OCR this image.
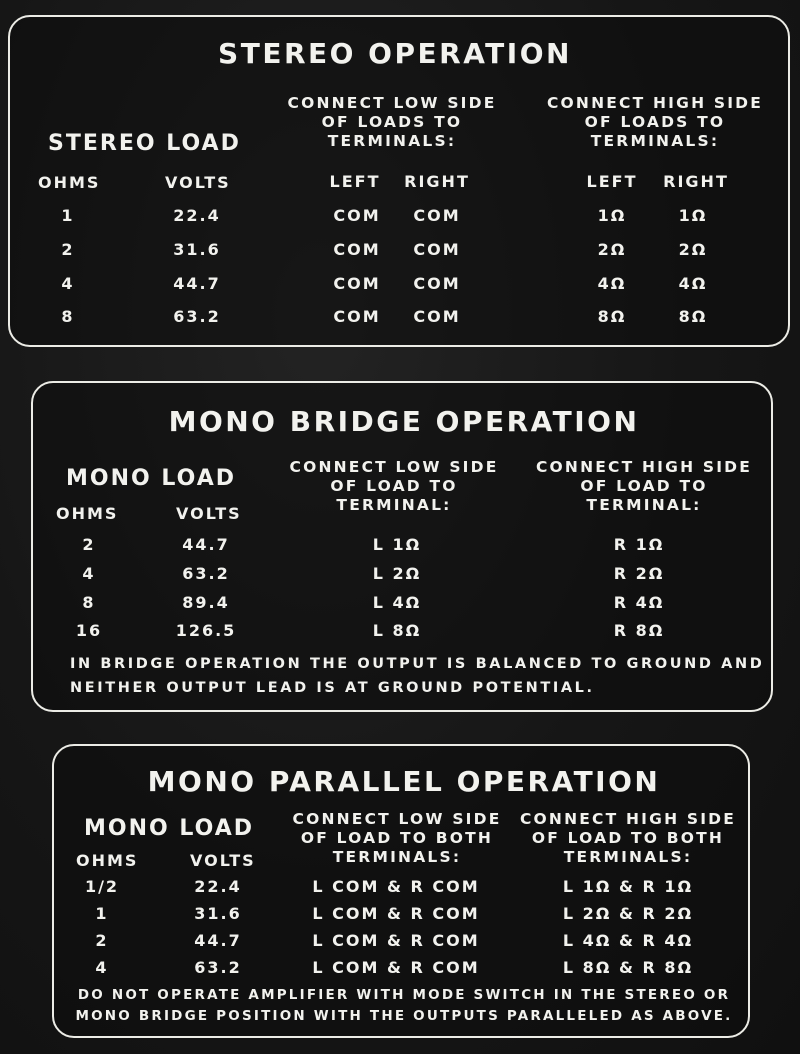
STEREO OPERATION
CONNECT LOW SIDE
OF LOADS TO
TERMINALS:
CONNECT HIGH SIDE
OF LOADS TO
TERMINALS:
STEREO LOAD
OHMS	VOLTS	LEFT RIGHT	LEFT RIGHT
1	22.4	COM COM	1Ω	1Ω
2	31.6	COM COM	2Ω	2Ω
4	44.7	COM COM	4Ω	4Ω
8	63.2	COM COM	8Ω	8Ω
MONO BRIDGE OPERATION
CONNECT LOW SIDE
OF LOAD TO
TERMINAL:
CONNECT HIGH SIDE
OF LOAD TO
TERMINAL:
MONO LOAD
OHMS	VOLTS
2	44.7	L 1Ω	R 1Ω
4	63.2	L 2Ω	R 2Ω
8	89.4	L 4Ω	R 4Ω
16	126.5	L 8Ω	R 8Ω
IN BRIDGE OPERATION THE OUTPUT IS BALANCED TO GROUND AND
NEITHER OUTPUT LEAD IS AT GROUND POTENTIAL.
MONO PARALLEL OPERATION
CONNECT LOW SIDE
OF LOAD TO BOTH
TERMINALS:
CONNECT HIGH SIDE
OF LOAD TO BOTH
TERMINALS:
MONO LOAD
OHMS	VOLTS
1/2	22.4	L COM & R COM	L 1Ω & R 1Ω
1	31.6	L COM & R COM	L 2Ω & R 2Ω
2	44.7	L COM & R COM	L 4Ω & R 4Ω
4	63.2	L COM & R COM	L 8Ω & R 8Ω
DO NOT OPERATE AMPLIFIER WITH MODE SWITCH IN THE STEREO OR
MONO BRIDGE POSITION WITH THE OUTPUTS PARALLELED AS ABOVE.
